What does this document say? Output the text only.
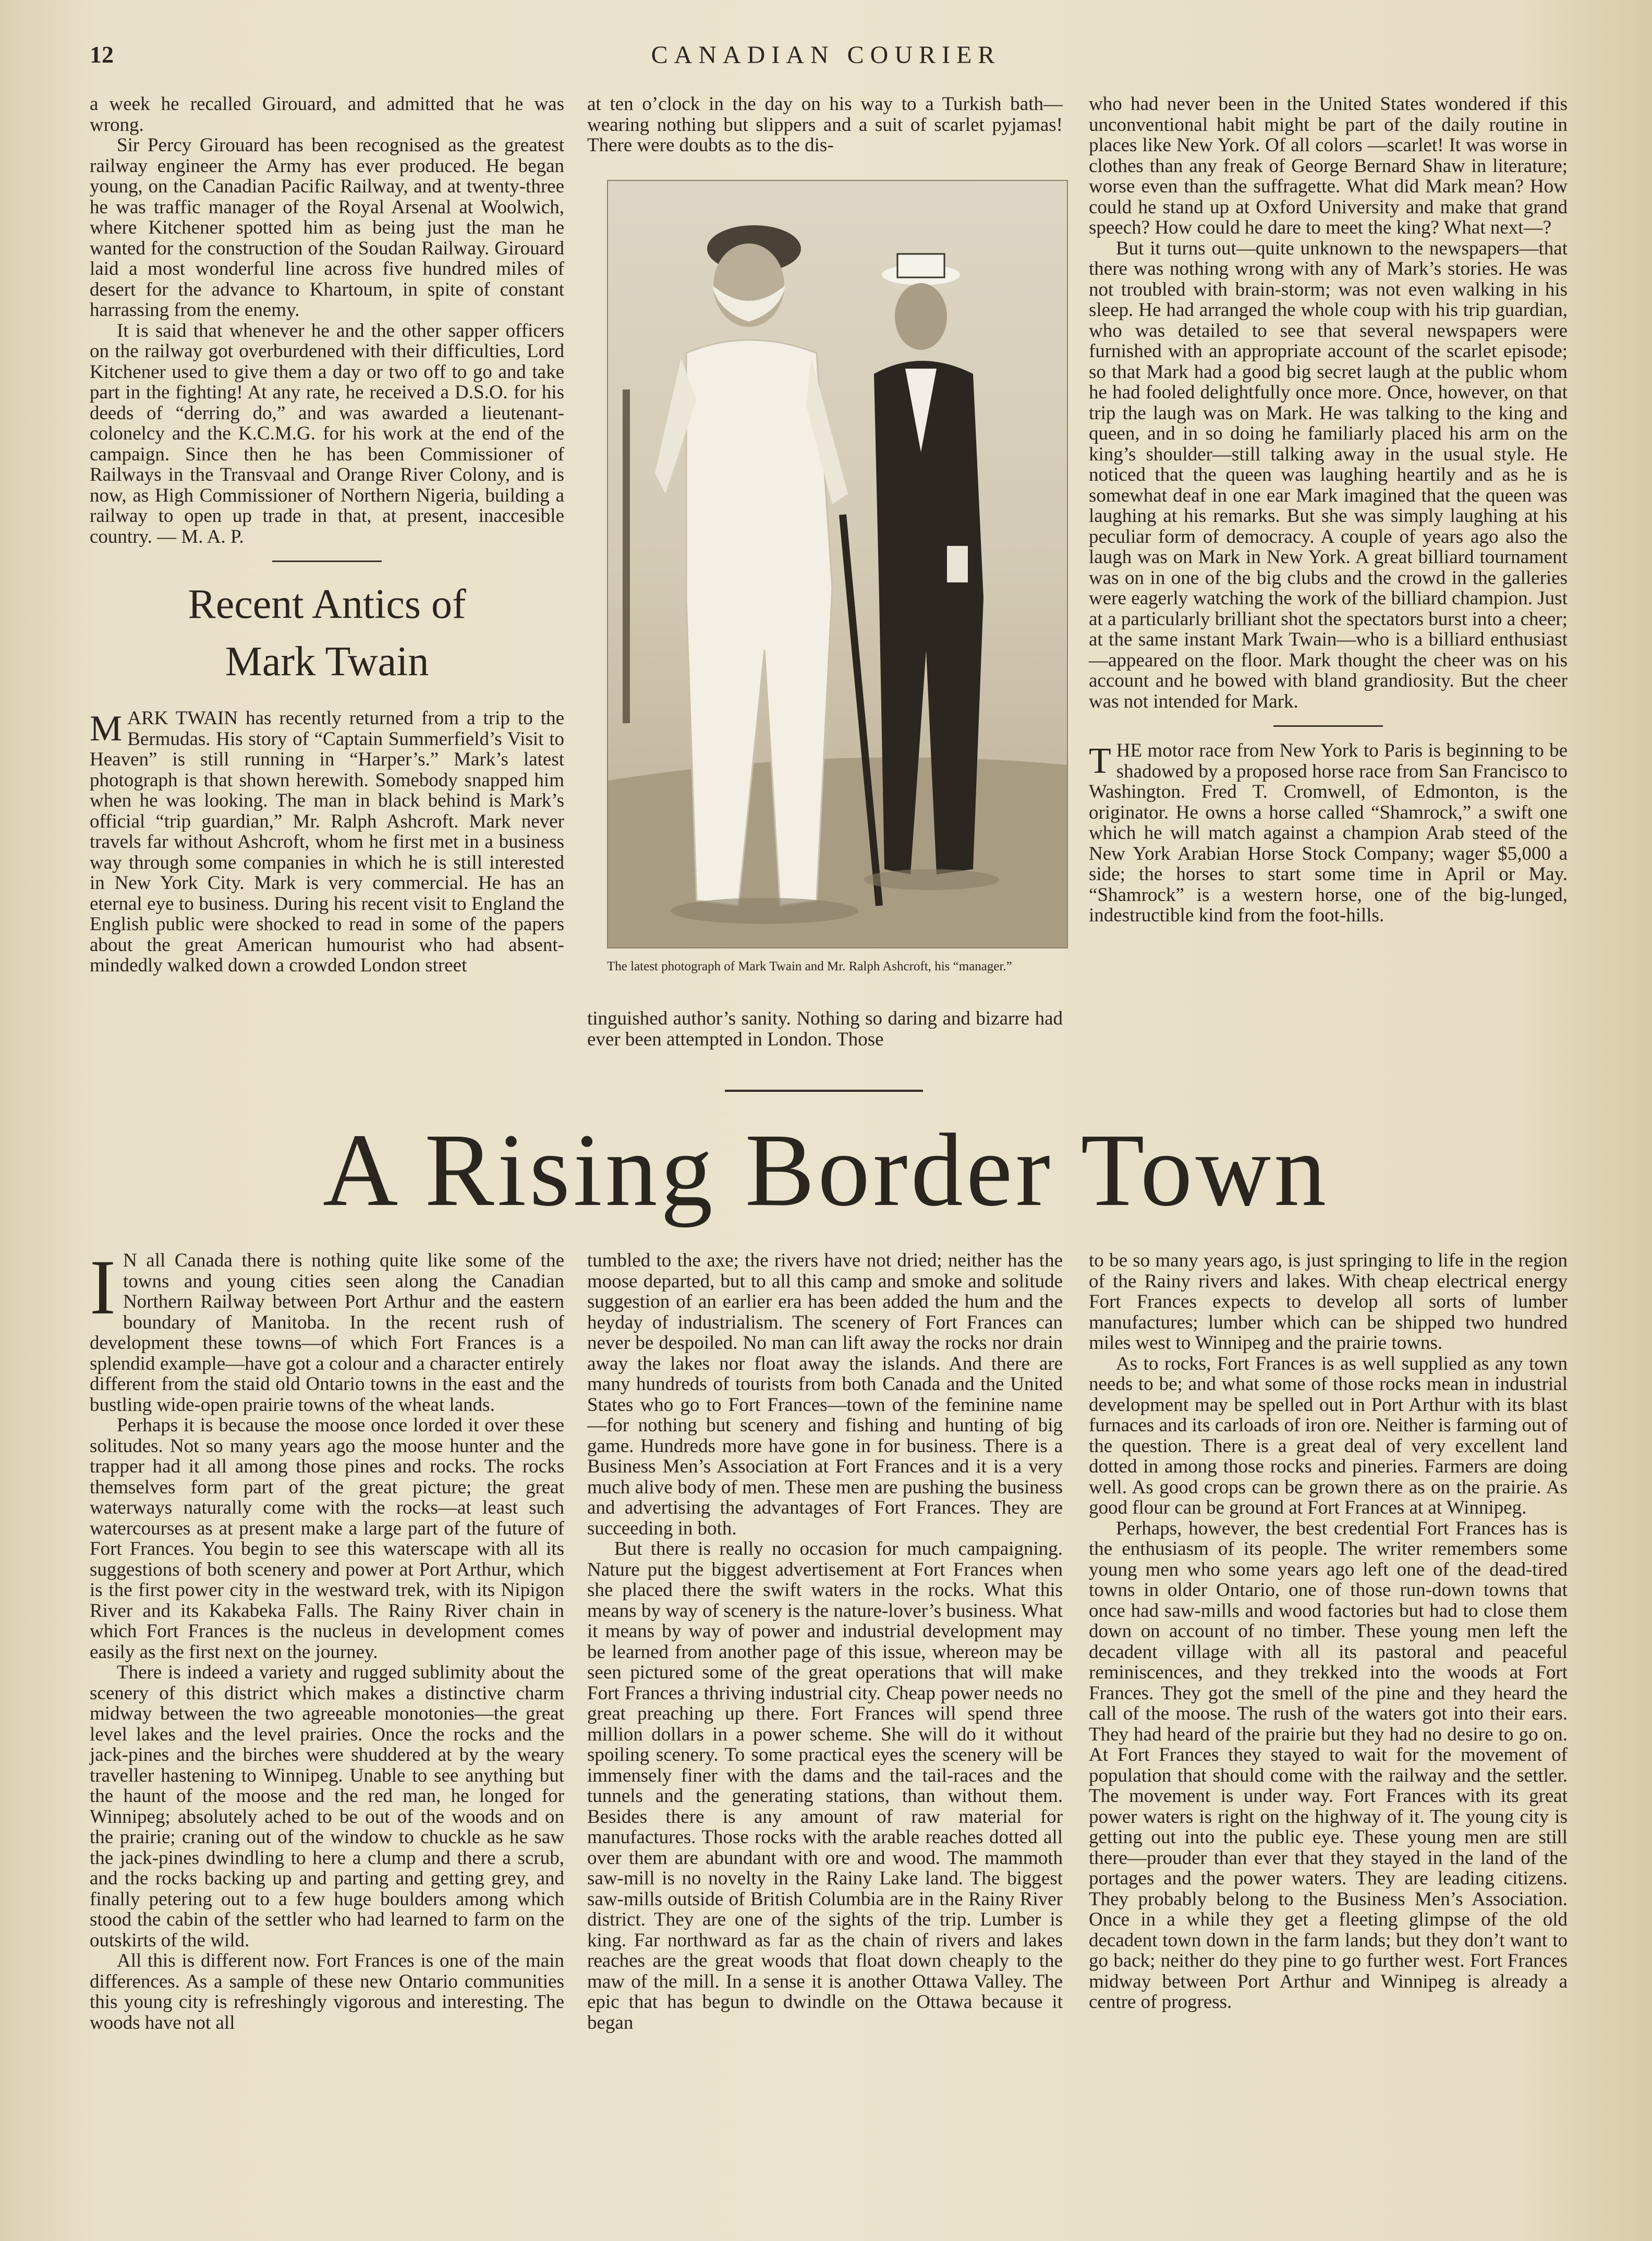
12	CANADIAN COURIER

a week he recalled Girouard, and admitted that he was wrong.

Sir Percy Girouard has been recognised as the greatest railway engineer the Army has ever produced. He began young, on the Canadian Pacific Railway, and at twenty-three he was traffic manager of the Royal Arsenal at Woolwich, where Kitchener spotted him as being just the man he wanted for the construction of the Soudan Railway. Girouard laid a most wonderful line across five hundred miles of desert for the advance to Khartoum, in spite of constant harrassing from the enemy.

It is said that whenever he and the other sapper officers on the railway got overburdened with their difficulties, Lord Kitchener used to give them a day or two off to go and take part in the fighting! At any rate, he received a D.S.O. for his deeds of “derring do,” and was awarded a lieutenant-colonelcy and the K.C.M.G. for his work at the end of the campaign. Since then he has been Commissioner of Railways in the Transvaal and Orange River Colony, and is now, as High Commissioner of Northern Nigeria, building a railway to open up trade in that, at present, inaccesible country. — M. A. P.

Recent Antics of
Mark Twain

MARK TWAIN has recently returned from a trip to the Bermudas. His story of “Captain Summerfield’s Visit to Heaven” is still running in “Harper’s.” Mark’s latest photograph is that shown herewith. Somebody snapped him when he was looking. The man in black behind is Mark’s official “trip guardian,” Mr. Ralph Ashcroft. Mark never travels far without Ashcroft, whom he first met in a business way through some companies in which he is still interested in New York City. Mark is very commercial. He has an eternal eye to business. During his recent visit to England the English public were shocked to read in some of the papers about the great American humourist who had absent-mindedly walked down a crowded London street

at ten o’clock in the day on his way to a Turkish bath—wearing nothing but slippers and a suit of scarlet pyjamas! There were doubts as to the dis-

The latest photograph of Mark Twain and Mr. Ralph Ashcroft, his “manager.”

tinguished author’s sanity. Nothing so daring and bizarre had ever been attempted in London. Those

who had never been in the United States wondered if this unconventional habit might be part of the daily routine in places like New York. Of all colors —scarlet! It was worse in clothes than any freak of George Bernard Shaw in literature; worse even than the suffragette. What did Mark mean? How could he stand up at Oxford University and make that grand speech? How could he dare to meet the king? What next—?

But it turns out—quite unknown to the newspapers—that there was nothing wrong with any of Mark’s stories. He was not troubled with brain-storm; was not even walking in his sleep. He had arranged the whole coup with his trip guardian, who was detailed to see that several newspapers were furnished with an appropriate account of the scarlet episode; so that Mark had a good big secret laugh at the public whom he had fooled delightfully once more. Once, however, on that trip the laugh was on Mark. He was talking to the king and queen, and in so doing he familiarly placed his arm on the king’s shoulder—still talking away in the usual style. He noticed that the queen was laughing heartily and as he is somewhat deaf in one ear Mark imagined that the queen was laughing at his remarks. But she was simply laughing at his peculiar form of democracy. A couple of years ago also the laugh was on Mark in New York. A great billiard tournament was on in one of the big clubs and the crowd in the galleries were eagerly watching the work of the billiard champion. Just at a particularly brilliant shot the spectators burst into a cheer; at the same instant Mark Twain—who is a billiard enthusiast—appeared on the floor. Mark thought the cheer was on his account and he bowed with bland grandiosity. But the cheer was not intended for Mark.

THE motor race from New York to Paris is beginning to be shadowed by a proposed horse race from San Francisco to Washington. Fred T. Cromwell, of Edmonton, is the originator. He owns a horse called “Shamrock,” a swift one which he will match against a champion Arab steed of the New York Arabian Horse Stock Company; wager $5,000 a side; the horses to start some time in April or May. “Shamrock” is a western horse, one of the big-lunged, indestructible kind from the foot-hills.

A Rising Border Town

I N all Canada there is nothing quite like some of the towns and young cities seen along the Canadian Northern Railway between Port Arthur and the eastern boundary of Manitoba. In the recent rush of development these towns—of which Fort Frances is a splendid example—have got a colour and a character entirely different from the staid old Ontario towns in the east and the bustling wide-open prairie towns of the wheat lands.

Perhaps it is because the moose once lorded it over these solitudes. Not so many years ago the moose hunter and the trapper had it all among those pines and rocks. The rocks themselves form part of the great picture; the great waterways naturally come with the rocks—at least such watercourses as at present make a large part of the future of Fort Frances. You begin to see this waterscape with all its suggestions of both scenery and power at Port Arthur, which is the first power city in the westward trek, with its Nipigon River and its Kakabeka Falls. The Rainy River chain in which Fort Frances is the nucleus in development comes easily as the first next on the journey.

There is indeed a variety and rugged sublimity about the scenery of this district which makes a distinctive charm midway between the two agreeable monotonies—the great level lakes and the level prairies. Once the rocks and the jack-pines and the birches were shuddered at by the weary traveller hastening to Winnipeg. Unable to see anything but the haunt of the moose and the red man, he longed for Winnipeg; absolutely ached to be out of the woods and on the prairie; craning out of the window to chuckle as he saw the jack-pines dwindling to here a clump and there a scrub, and the rocks backing up and parting and getting grey, and finally petering out to a few huge boulders among which stood the cabin of the settler who had learned to farm on the outskirts of the wild.

All this is different now. Fort Frances is one of the main differences. As a sample of these new Ontario communities this young city is refreshingly vigorous and interesting. The woods have not all

tumbled to the axe; the rivers have not dried; neither has the moose departed, but to all this camp and smoke and solitude suggestion of an earlier era has been added the hum and the heyday of industrialism. The scenery of Fort Frances can never be despoiled. No man can lift away the rocks nor drain away the lakes nor float away the islands. And there are many hundreds of tourists from both Canada and the United States who go to Fort Frances—town of the feminine name—for nothing but scenery and fishing and hunting of big game. Hundreds more have gone in for business. There is a Business Men’s Association at Fort Frances and it is a very much alive body of men. These men are pushing the business and advertising the advantages of Fort Frances. They are succeeding in both.

But there is really no occasion for much campaigning. Nature put the biggest advertisement at Fort Frances when she placed there the swift waters in the rocks. What this means by way of scenery is the nature-lover’s business. What it means by way of power and industrial development may be learned from another page of this issue, whereon may be seen pictured some of the great operations that will make Fort Frances a thriving industrial city. Cheap power needs no great preaching up there. Fort Frances will spend three million dollars in a power scheme. She will do it without spoiling scenery. To some practical eyes the scenery will be immensely finer with the dams and the tail-races and the tunnels and the generating stations, than without them. Besides there is any amount of raw material for manufactures. Those rocks with the arable reaches dotted all over them are abundant with ore and wood. The mammoth saw-mill is no novelty in the Rainy Lake land. The biggest saw-mills outside of British Columbia are in the Rainy River district. They are one of the sights of the trip. Lumber is king. Far northward as far as the chain of rivers and lakes reaches are the great woods that float down cheaply to the maw of the mill. In a sense it is another Ottawa Valley. The epic that has begun to dwindle on the Ottawa because it began

to be so many years ago, is just springing to life in the region of the Rainy rivers and lakes. With cheap electrical energy Fort Frances expects to develop all sorts of lumber manufactures; lumber which can be shipped two hundred miles west to Winnipeg and the prairie towns.

As to rocks, Fort Frances is as well supplied as any town needs to be; and what some of those rocks mean in industrial development may be spelled out in Port Arthur with its blast furnaces and its carloads of iron ore. Neither is farming out of the question. There is a great deal of very excellent land dotted in among those rocks and pineries. Farmers are doing well. As good crops can be grown there as on the prairie. As good flour can be ground at Fort Frances at at Winnipeg.

Perhaps, however, the best credential Fort Frances has is the enthusiasm of its people. The writer remembers some young men who some years ago left one of the dead-tired towns in older Ontario, one of those run-down towns that once had saw-mills and wood factories but had to close them down on account of no timber. These young men left the decadent village with all its pastoral and peaceful reminiscences, and they trekked into the woods at Fort Frances. They got the smell of the pine and they heard the call of the moose. The rush of the waters got into their ears. They had heard of the prairie but they had no desire to go on. At Fort Frances they stayed to wait for the movement of population that should come with the railway and the settler. The movement is under way. Fort Frances with its great power waters is right on the highway of it. The young city is getting out into the public eye. These young men are still there—prouder than ever that they stayed in the land of the portages and the power waters. They are leading citizens. They probably belong to the Business Men’s Association. Once in a while they get a fleeting glimpse of the old decadent town down in the farm lands; but they don’t want to go back; neither do they pine to go further west. Fort Frances midway between Port Arthur and Winnipeg is already a centre of progress.
